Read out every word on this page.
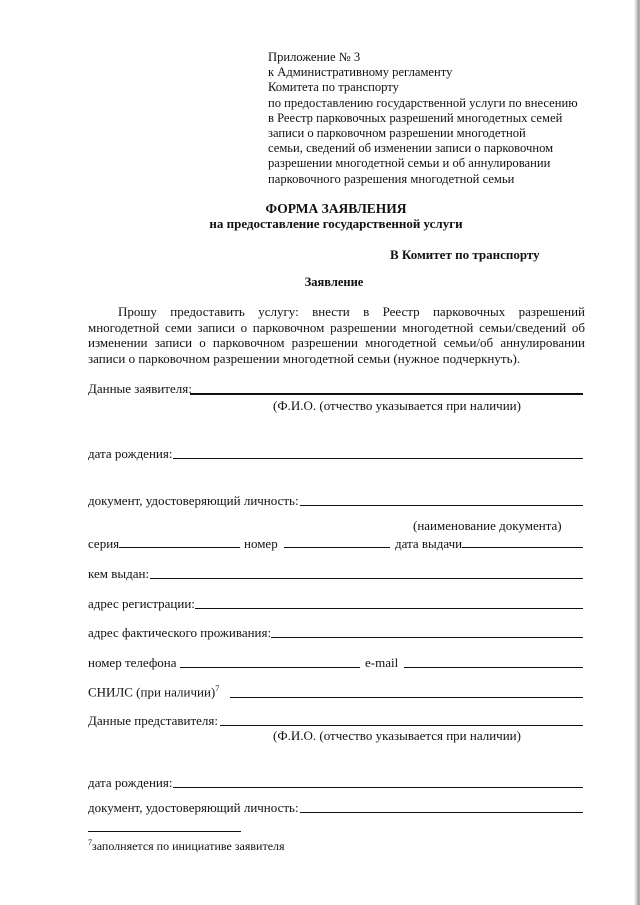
Приложение № 3
к Административному регламенту
Комитета по транспорту
по предоставлению государственной услуги по внесению
в Реестр парковочных разрешений многодетных семей
записи о парковочном разрешении многодетной
семьи, сведений об изменении записи о парковочном
разрешении многодетной семьи и об аннулировании
парковочного разрешения многодетной семьи
ФОРМА ЗАЯВЛЕНИЯ
на предоставление государственной услуги
В Комитет по транспорту
Заявление
Прошу предоставить услугу: внести в Реестр парковочных разрешений многодетной семи записи о парковочном разрешении многодетной семьи/сведений об изменении записи о парковочном разрешении многодетной семьи/об аннулировании записи о парковочном разрешении многодетной семьи (нужное подчеркнуть).
Данные заявителя:
(Ф.И.О. (отчество указывается при наличии)
дата рождения:
документ, удостоверяющий личность:
(наименование документа)
серия	номер	дата выдачи
кем выдан:
адрес регистрации:
адрес фактического проживания:
номер телефона	e-mail
СНИЛС (при наличии)$^7$
Данные представителя:
(Ф.И.О. (отчество указывается при наличии)
дата рождения:
документ, удостоверяющий личность:
$^7$заполняется по инициативе заявителя
